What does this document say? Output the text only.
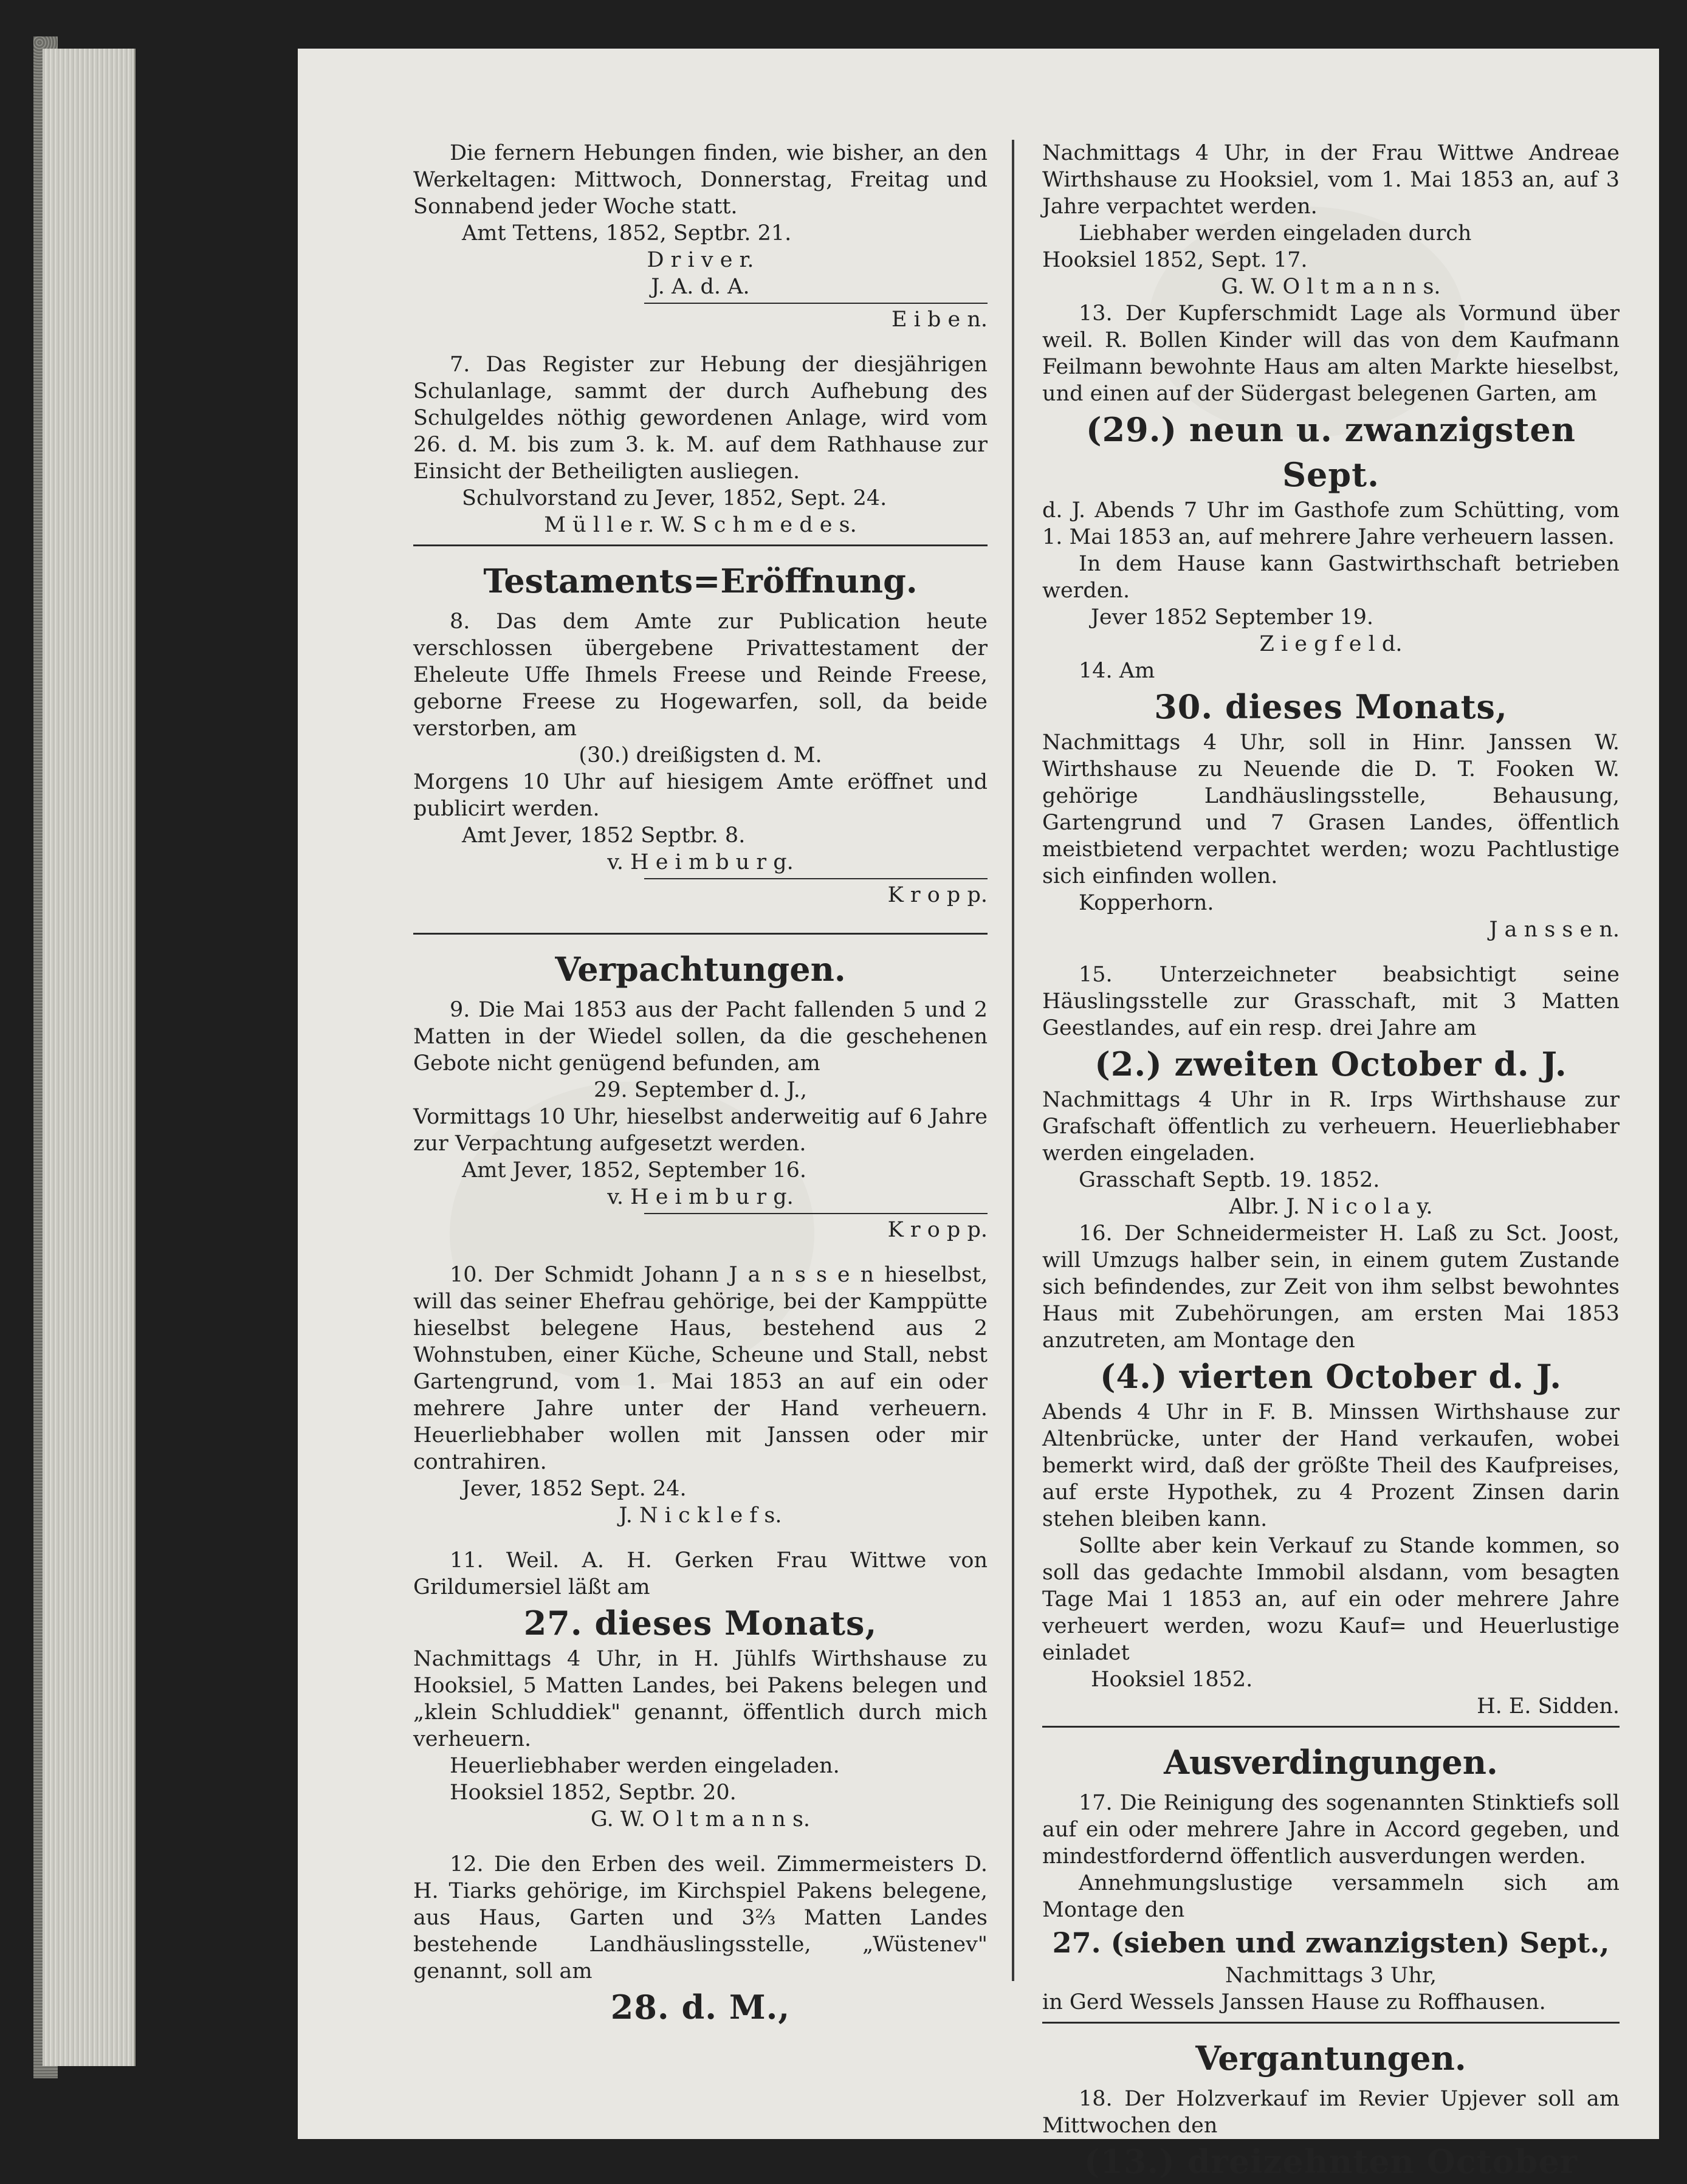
Die fernern Hebungen finden, wie bisher, an den Werkeltagen: Mittwoch, Donnerstag, Freitag und Sonnabend jeder Woche statt.

Amt Tettens, 1852, Septbr. 21.

D r i v e r.

J. A. d. A.

E i b e n.

7. Das Register zur Hebung der diesjährigen Schulanlage, sammt der durch Aufhebung des Schulgeldes nöthig gewordenen Anlage, wird vom 26. d. M. bis zum 3. k. M. auf dem Rathhause zur Einsicht der Betheiligten ausliegen.

Schulvorstand zu Jever, 1852, Sept. 24.

M ü l l e r. W. S c h m e d e s.

Testaments=Eröffnung.

8. Das dem Amte zur Publication heute verschlossen übergebene Privattestament der Eheleute Uffe Ihmels Freese und Reinde Freese, geborne Freese zu Hogewarfen, soll, da beide verstorben, am

(30.) dreißigsten d. M.

Morgens 10 Uhr auf hiesigem Amte eröffnet und publicirt werden.

Amt Jever, 1852 Septbr. 8.

v. H e i m b u r g.

K r o p p.

Verpachtungen.

9. Die Mai 1853 aus der Pacht fallenden 5 und 2 Matten in der Wiedel sollen, da die geschehenen Gebote nicht genügend befunden, am

29. September d. J.,

Vormittags 10 Uhr, hieselbst anderweitig auf 6 Jahre zur Verpachtung aufgesetzt werden.

Amt Jever, 1852, September 16.

v. H e i m b u r g.

K r o p p.

10. Der Schmidt Johann J a n s s e n hieselbst, will das seiner Ehefrau gehörige, bei der Kamppütte hieselbst belegene Haus, bestehend aus 2 Wohnstuben, einer Küche, Scheune und Stall, nebst Gartengrund, vom 1. Mai 1853 an auf ein oder mehrere Jahre unter der Hand verheuern. Heuerliebhaber wollen mit Janssen oder mir contrahiren.

Jever, 1852 Sept. 24.

J. N i c k l e f s.

11. Weil. A. H. Gerken Frau Wittwe von Grildumersiel läßt am

27. dieses Monats,

Nachmittags 4 Uhr, in H. Jühlfs Wirthshause zu Hooksiel, 5 Matten Landes, bei Pakens belegen und „klein Schluddiek" genannt, öffentlich durch mich verheuern.

Heuerliebhaber werden eingeladen.

Hooksiel 1852, Septbr. 20.

G. W. O l t m a n n s.

12. Die den Erben des weil. Zimmermeisters D. H. Tiarks gehörige, im Kirchspiel Pakens belegene, aus Haus, Garten und 3⅔ Matten Landes bestehende Landhäuslingsstelle, „Wüstenev" genannt, soll am

28. d. M.,

Nachmittags 4 Uhr, in der Frau Wittwe Andreae Wirthshause zu Hooksiel, vom 1. Mai 1853 an, auf 3 Jahre verpachtet werden.

Liebhaber werden eingeladen durch

Hooksiel 1852, Sept. 17.

G. W. O l t m a n n s.

13. Der Kupferschmidt Lage als Vormund über weil. R. Bollen Kinder will das von dem Kaufmann Feilmann bewohnte Haus am alten Markte hieselbst, und einen auf der Südergast belegenen Garten, am

(29.) neun u. zwanzigsten Sept.

d. J. Abends 7 Uhr im Gasthofe zum Schütting, vom 1. Mai 1853 an, auf mehrere Jahre verheuern lassen.

In dem Hause kann Gastwirthschaft betrieben werden.

Jever 1852 September 19.

Z i e g f e l d.

14. Am

30. dieses Monats,

Nachmittags 4 Uhr, soll in Hinr. Janssen W. Wirthshause zu Neuende die D. T. Fooken W. gehörige Landhäuslingsstelle, Behausung, Gartengrund und 7 Grasen Landes, öffentlich meistbietend verpachtet werden; wozu Pachtlustige sich einfinden wollen.

Kopperhorn.

J a n s s e n.

15. Unterzeichneter beabsichtigt seine Häuslingsstelle zur Grasschaft, mit 3 Matten Geestlandes, auf ein resp. drei Jahre am

(2.) zweiten October d. J.

Nachmittags 4 Uhr in R. Irps Wirthshause zur Grafschaft öffentlich zu verheuern. Heuerliebhaber werden eingeladen.

Grasschaft Septb. 19. 1852.

Albr. J. N i c o l a y.

16. Der Schneidermeister H. Laß zu Sct. Joost, will Umzugs halber sein, in einem gutem Zustande sich befindendes, zur Zeit von ihm selbst bewohntes Haus mit Zubehörungen, am ersten Mai 1853 anzutreten, am Montage den

(4.) vierten October d. J.

Abends 4 Uhr in F. B. Minssen Wirthshause zur Altenbrücke, unter der Hand verkaufen, wobei bemerkt wird, daß der größte Theil des Kaufpreises, auf erste Hypothek, zu 4 Prozent Zinsen darin stehen bleiben kann.

Sollte aber kein Verkauf zu Stande kommen, so soll das gedachte Immobil alsdann, vom besagten Tage Mai 1 1853 an, auf ein oder mehrere Jahre verheuert werden, wozu Kauf= und Heuerlustige einladet

Hooksiel 1852.

H. E. Sidden.

Ausverdingungen.

17. Die Reinigung des sogenannten Stinktiefs soll auf ein oder mehrere Jahre in Accord gegeben, und mindestfordernd öffentlich ausverdungen werden.

Annehmungslustige versammeln sich am Montage den

27. (sieben und zwanzigsten) Sept.,

Nachmittags 3 Uhr,

in Gerd Wessels Janssen Hause zu Roffhausen.

Vergantungen.

18. Der Holzverkauf im Revier Upjever soll am Mittwochen den

(13.) dreizehnten October
